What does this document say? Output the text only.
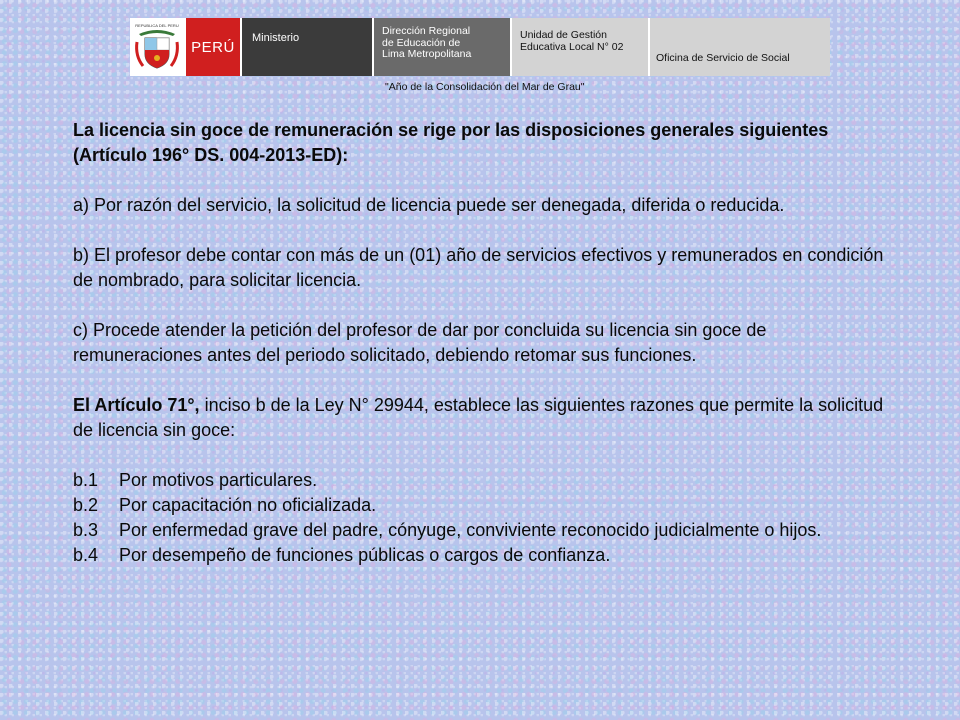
REPUBLICA DEL PERU
PERÚ
Ministerio
Dirección Regional
de Educación de
Lima Metropolitana
Unidad de Gestión
Educativa Local N° 02
Oficina de Servicio de Social
"Año de la Consolidación del Mar de Grau"

La licencia sin goce de remuneración se rige por las disposiciones generales siguientes (Artículo 196° DS. 004-2013-ED):

a) Por razón del servicio, la solicitud de licencia puede ser denegada, diferida o reducida.

b) El profesor debe contar con más de un (01) año de servicios efectivos y remunerados en condición de nombrado, para solicitar licencia.

c) Procede atender la petición del profesor de dar por concluida su licencia sin goce de remuneraciones antes del periodo solicitado, debiendo retomar sus funciones.

El Artículo 71°, inciso b de la Ley N° 29944, establece las siguientes razones que permite la solicitud de licencia sin goce:

b.1 Por motivos particulares.
b.2 Por capacitación no oficializada.
b.3 Por enfermedad grave del padre, cónyuge, conviviente reconocido judicialmente o hijos.
b.4 Por desempeño de funciones públicas o cargos de confianza.
